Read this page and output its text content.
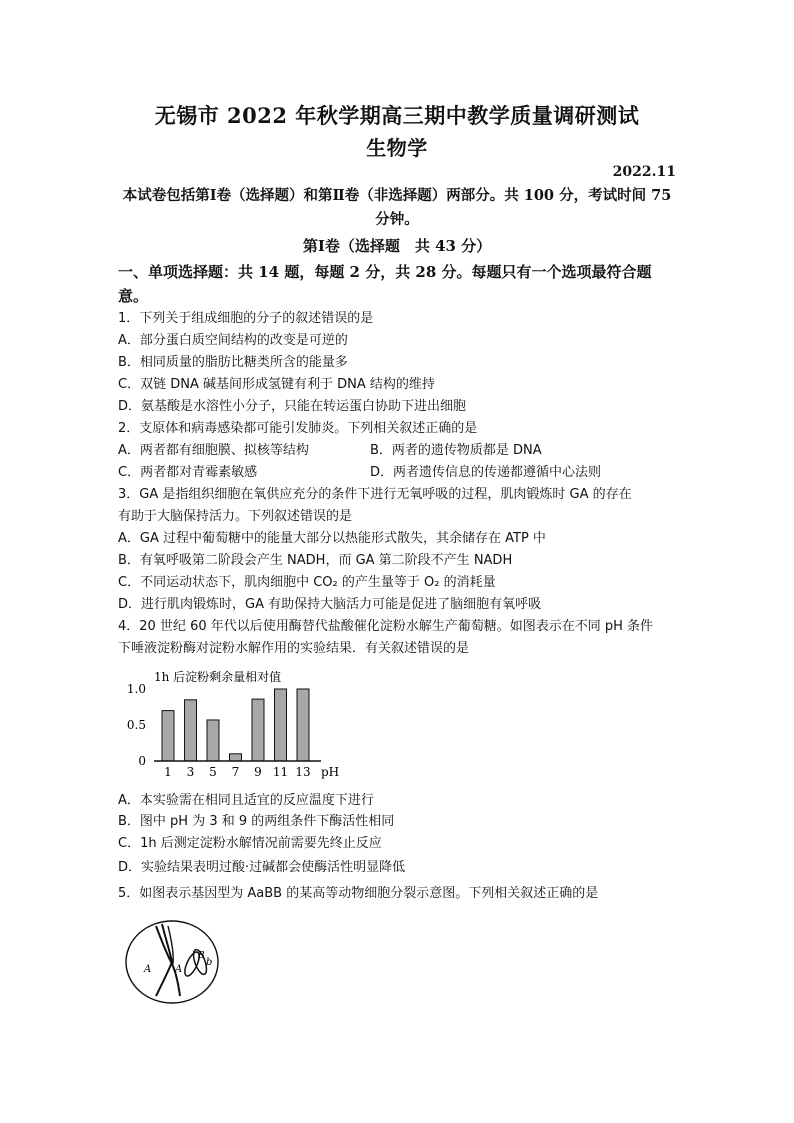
无锡市 2022 年秋学期高三期中教学质量调研测试
生物学
2022.11
本试卷包括第Ⅰ卷（选择题）和第Ⅱ卷（非选择题）两部分。共 100 分，考试时间 75 分钟。
第Ⅰ卷（选择题　共 43 分）
一、单项选择题：共 14 题，每题 2 分，共 28 分。每题只有一个选项最符合题意。
1．下列关于组成细胞的分子的叙述错误的是
A．部分蛋白质空间结构的改变是可逆的
B．相同质量的脂肪比糖类所含的能量多
C．双链 DNA 碱基间形成氢键有利于 DNA 结构的维持
D．氨基酸是水溶性小分子，只能在转运蛋白协助下进出细胞
2．支原体和病毒感染都可能引发肺炎。下列相关叙述正确的是
A．两者都有细胞膜、拟核等结构	B．两者的遗传物质都是 DNA
C．两者都对青霉素敏感	D．两者遗传信息的传递都遵循中心法则
3．GA 是指组织细胞在氧供应充分的条件下进行无氧呼吸的过程，肌肉锻炼时 GA 的存在
有助于大脑保持活力。下列叙述错误的是
A．GA 过程中葡萄糖中的能量大部分以热能形式散失，其余储存在 ATP 中
B．有氧呼吸第二阶段会产生 NADH，而 GA 第二阶段不产生 NADH
C．不同运动状态下，肌肉细胞中 CO₂ 的产生量等于 O₂ 的消耗量
D．进行肌肉锻炼时，GA 有助保持大脑活力可能是促进了脑细胞有氧呼吸
4．20 世纪 60 年代以后使用酶替代盐酸催化淀粉水解生产葡萄糖。如图表示在不同 pH 条件
下唾液淀粉酶对淀粉水解作用的实验结果．有关叙述错误的是
1h 后淀粉剩余量相对值
0
0.5
1.0
1 3 5 7 9 11 13 pH
A．本实验需在相同且适宜的反应温度下进行
B．图中 pH 为 3 和 9 的两组条件下酶活性相同
C．1h 后测定淀粉水解情况前需要先终止反应
D．实验结果表明过酸·过碱都会使酶活性明显降低
5．如图表示基因型为 AaBB 的某高等动物细胞分裂示意图。下列相关叙述正确的是
A A
B
b
